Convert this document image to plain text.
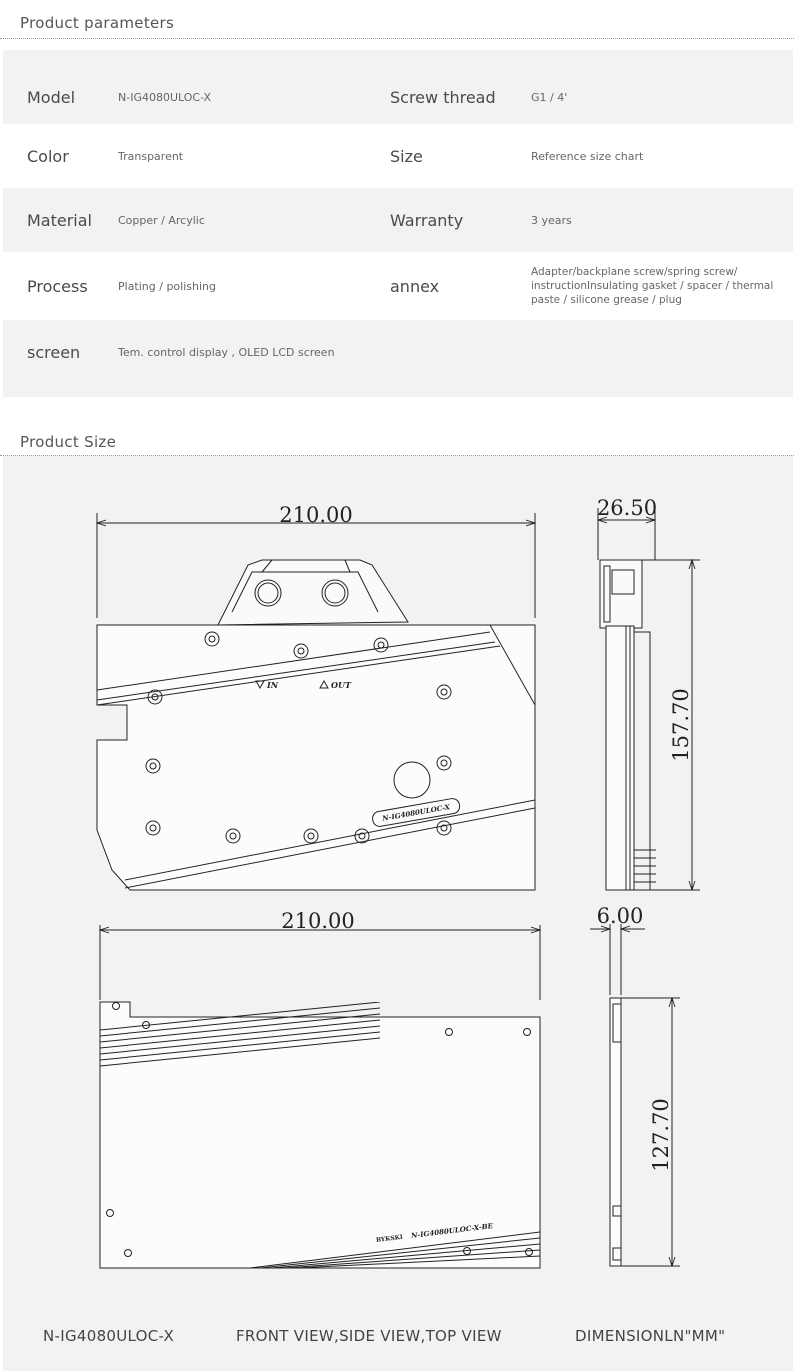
Product parameters
Model	N-IG4080ULOC-X	Screw thread	G1 / 4'
Color	Transparent	Size	Reference size chart
Material Copper / Arcylic	Warranty	3 years
Process	Plating / polishing	annex
Adapter/backplane screw/spring screw/ instructionInsulating gasket / spacer / thermal paste / silicone grease / plug
screen	Tem. control display , OLED LCD screen
Product Size
210.00
IN	OUT
N-IG4080ULOC-X
26.50
157.70
210.00
BYKSKI N-IG4080ULOC-X-BE
6.00
127.70
N-IG4080ULOC-X	FRONT VIEW,SIDE VIEW,TOP VIEW	DIMENSIONLN"MM"
